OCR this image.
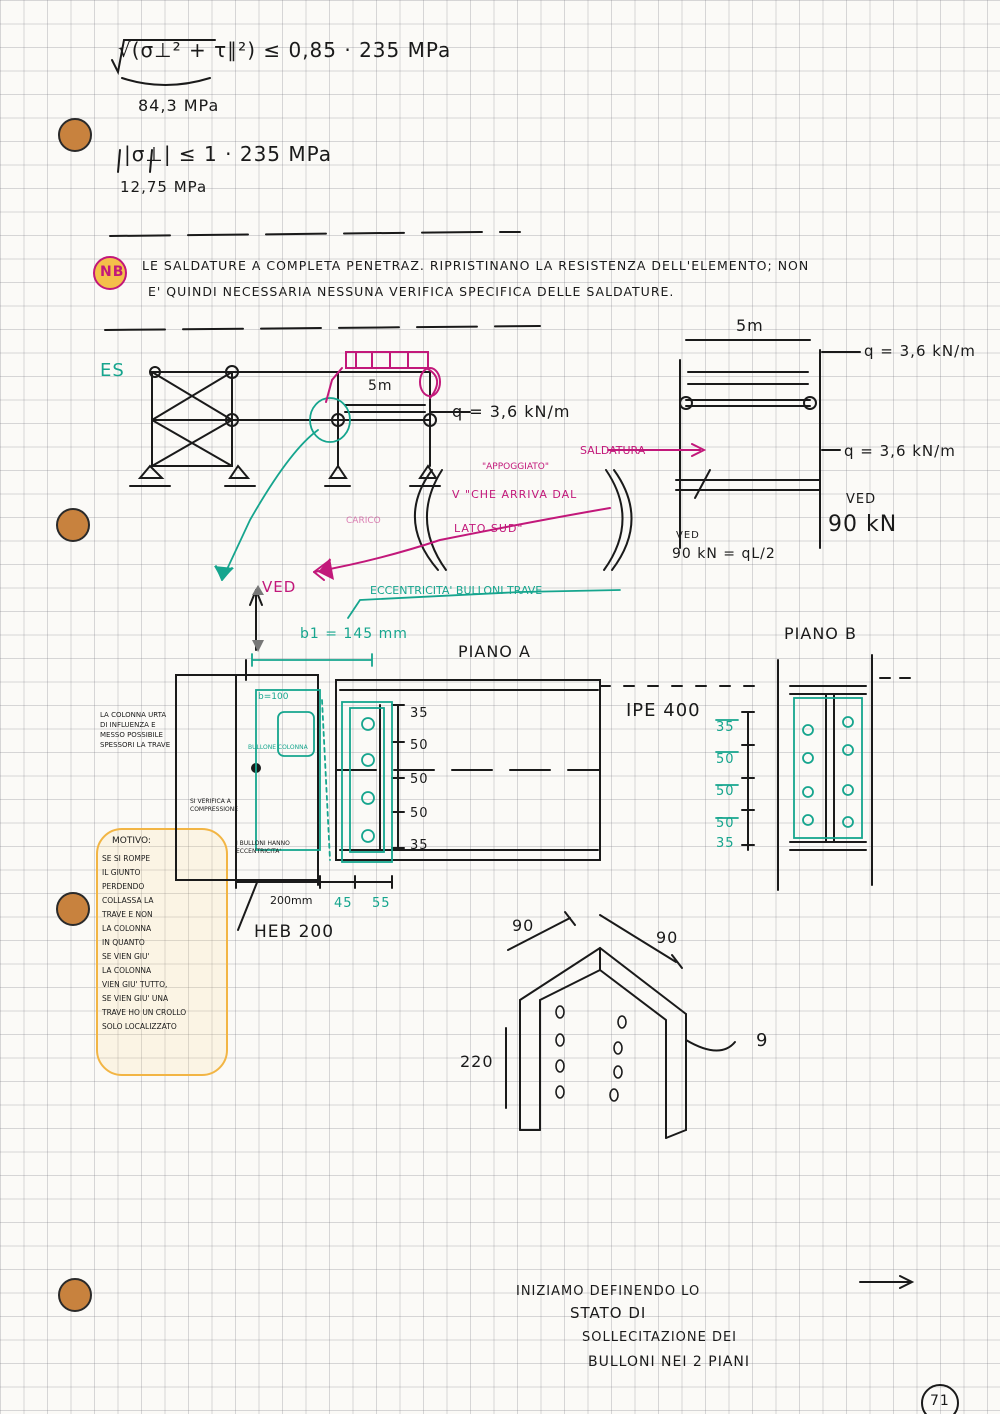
√(σ⊥² + τ∥²) ≤ 0,85 · 235 MPa
84,3 MPa
|σ⊥| ≤ 1 · 235 MPa
12,75 MPa
NB LE SALDATURE A COMPLETA PENETRAZ. RIPRISTINANO LA RESISTENZA DELL'ELEMENTO; NON
E' QUINDI NECESSARIA NESSUNA VERIFICA SPECIFICA DELLE SALDATURE.
ES
5m
q = 3,6 kN/m
5m
q = 3,6 kN/m
q = 3,6 kN/m
SALDATURA
"APPOGGIATO"
V "CHE ARRIVA DAL
LATO SUD"
CARICO
VED
90 kN = qL/2
VED
90 kN
VED	ECCENTRICITA' BULLONI TRAVE
b1 = 145 mm
PIANO A
PIANO B
IPE 400
HEB 200
200mm 45 55
35
50
50
50
35
35
50
50
50
35
b=100
SI VERIFICA A COMPRESSIONE
I BULLONI HANNO ECCENTRICITA'
BULLONE COLONNA
LA COLONNA URTA DI INFLUENZA E MESSO POSSIBILE SPESSORI LA TRAVE
MOTIVO:
SE SI ROMPE
IL GIUNTO
PERDENDO
COLLASSA LA
TRAVE E NON
LA COLONNA
IN QUANTO
SE VIEN GIU'
LA COLONNA
VIEN GIU' TUTTO,
SE VIEN GIU' UNA
TRAVE HO UN CROLLO
SOLO LOCALIZZATO
90
90
220
9
INIZIAMO DEFINENDO LO
STATO DI
SOLLECITAZIONE DEI
BULLONI NEI 2 PIANI
71
